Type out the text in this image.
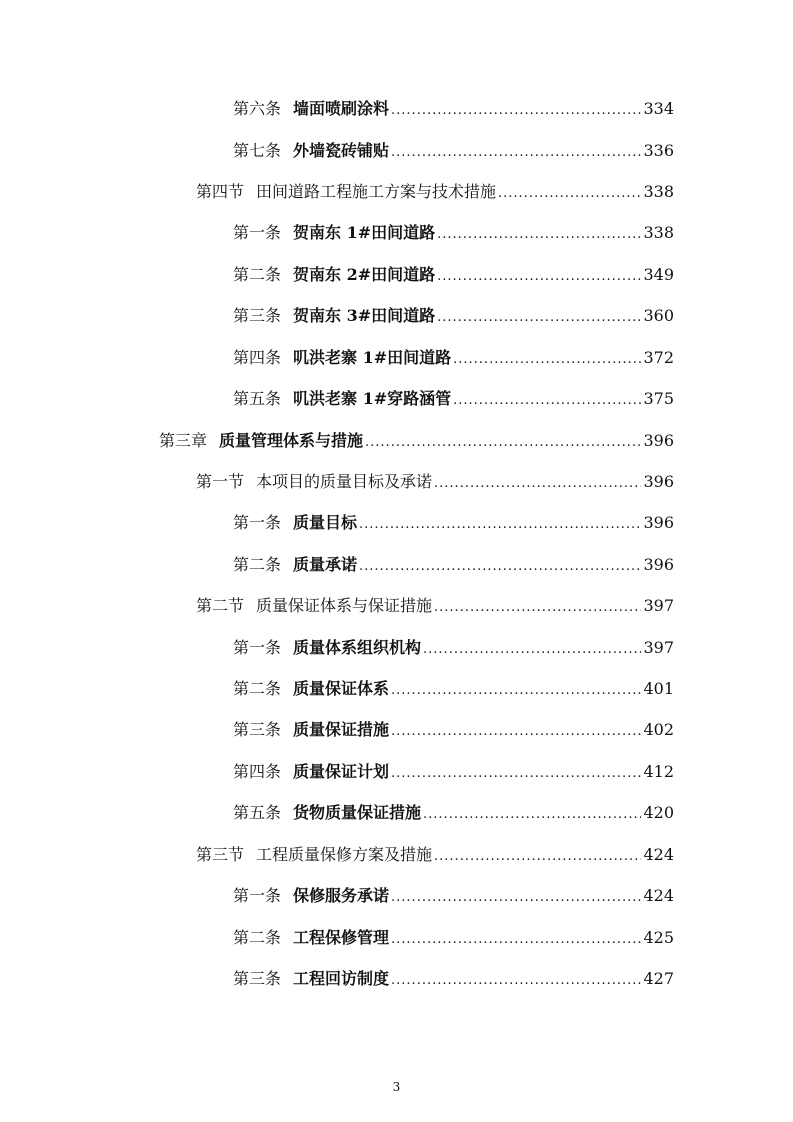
第六条 墙面喷刷涂料 .....	334
第七条 外墙瓷砖铺贴 .....	336
第四节 田间道路工程施工方案与技术措施 .....	338
第一条 贺南东 1#田间道路 .....	338
第二条 贺南东 2#田间道路 .....	349
第三条 贺南东 3#田间道路 .....	360
第四条 叽洪老寨 1#田间道路 .....	372
第五条 叽洪老寨 1#穿路涵管 .....	375
第三章 质量管理体系与措施 .....	396
第一节 本项目的质量目标及承诺 .....	396
第一条 质量目标 .....	396
第二条 质量承诺 .....	396
第二节 质量保证体系与保证措施 .....	397
第一条 质量体系组织机构 .....	397
第二条 质量保证体系 .....	401
第三条 质量保证措施 .....	402
第四条 质量保证计划 .....	412
第五条 货物质量保证措施 .....	420
第三节 工程质量保修方案及措施 .....	424
第一条 保修服务承诺 .....	424
第二条 工程保修管理 .....	425
第三条 工程回访制度 .....	427
3
